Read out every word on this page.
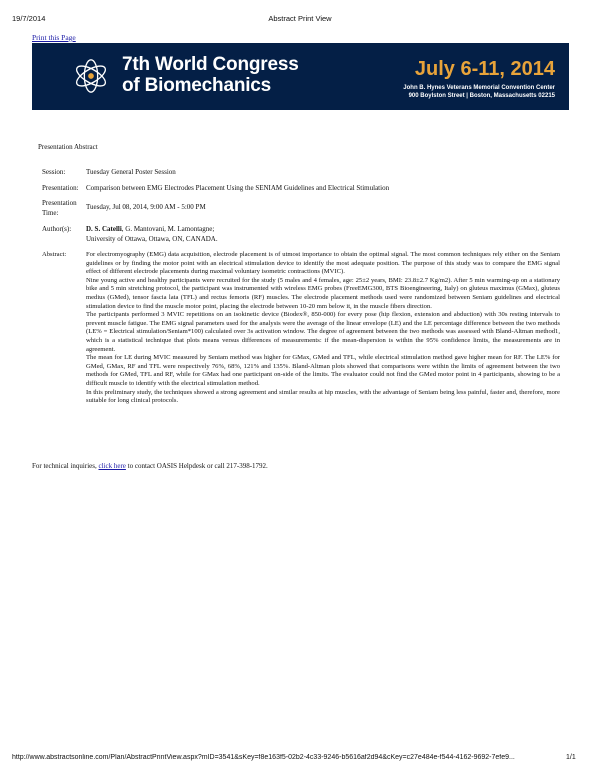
19/7/2014	Abstract Print View
Print this Page
7th World Congress
of Biomechanics
July 6-11, 2014
John B. Hynes Veterans Memorial Convention Center
900 Boylston Street | Boston, Massachusetts 02215
Presentation Abstract
Session:	Tuesday General Poster Session
Presentation:	Comparison between EMG Electrodes Placement Using the SENIAM Guidelines and Electrical Stimulation
Presentation
Time:
Tuesday, Jul 08, 2014, 9:00 AM - 5:00 PM
Author(s):	D. S. Catelli, G. Mantovani, M. Lamontagne;
University of Ottawa, Ottawa, ON, CANADA.
Abstract:	For electromyography (EMG) data acquisition, electrode placement is of utmost importance to obtain the optimal signal. The most common techniques rely either on the Seniam guidelines or by finding the motor point with an electrical stimulation device to identify the most adequate position. The purpose of this study was to compare the EMG signal effect of different electrode placements during maximal voluntary isometric contractions (MVIC).

Nine young active and healthy participants were recruited for the study (5 males and 4 females, age: 25±2 years, BMI: 23.8±2.7 Kg/m2). After 5 min warming-up on a stationary bike and 5 min stretching protocol, the participant was instrumented with wireless EMG probes (FreeEMG300, BTS Bioengineering, Italy) on gluteus maximus (GMax), gluteus medius (GMed), tensor fascia lata (TFL) and rectus femoris (RF) muscles. The electrode placement methods used were randomized between Seniam guidelines and electrical stimulation device to find the muscle motor point, placing the electrode between 10-20 mm below it, in the muscle fibers direction.

The participants performed 3 MVIC repetitions on an isokinetic device (Biodex®, 850-000) for every pose (hip flexion, extension and abduction) with 30s resting intervals to prevent muscle fatigue. The EMG signal parameters used for the analysis were the average of the linear envelope (LE) and the LE percentage difference between the two methods (LE% = Electrical stimulation/Seniam*100) calculated over 3s activation window. The degree of agreement between the two methods was assessed with Bland-Altman method1, which is a statistical technique that plots means versus differences of measurements: if the mean-dispersion is within the 95% confidence limits, the measurements are in agreement.

The mean for LE during MVIC measured by Seniam method was higher for GMax, GMed and TFL, while electrical stimulation method gave higher mean for RF. The LE% for GMed, GMax, RF and TFL were respectively 76%, 68%, 121% and 135%. Bland-Altman plots showed that comparisons were within the limits of agreement between the two methods for GMed, TFL and RF, while for GMax had one participant on-side of the limits. The evaluator could not find the GMed motor point in 4 participants, showing to be a difficult muscle to identify with the electrical stimulation method.

In this preliminary study, the techniques showed a strong agreement and similar results at hip muscles, with the advantage of Seniam being less painful, faster and, therefore, more suitable for long clinical protocols.

For technical inquiries, click here to contact OASIS Helpdesk or call 217-398-1792.
http://www.abstractsonline.com/Plan/AbstractPrintView.aspx?mID=3541&sKey=f8e163f5-02b2-4c33-9246-b5616af2d94&cKey=c27e484e-f544-4162-9692-7efe9...	1/1
